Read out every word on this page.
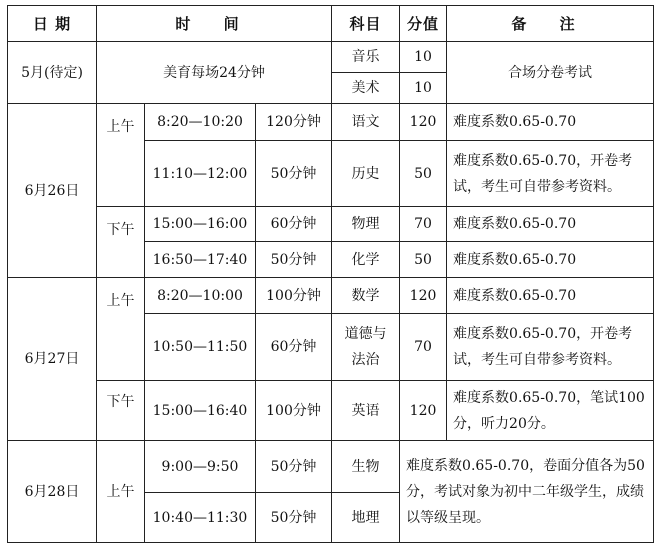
日 期	时 间			科目	分值	备 注
5月(待定)	美育每场24分钟			音乐	10	合场分卷考试
				美术	10	
6月26日	上午	8:20—10:20	120分钟	语文	120	难度系数0.65-0.70
		11:10—12:00	50分钟	历史	50	难度系数0.65-0.70，开卷考试，考生可自带参考资料。
	下午	15:00—16:00	60分钟	物理	70	难度系数0.65-0.70
		16:50—17:40	50分钟	化学	50	难度系数0.65-0.70
6月27日	上午	8:20—10:00	100分钟	数学	120	难度系数0.65-0.70
		10:50—11:50	60分钟	道德与法治	70	难度系数0.65-0.70，开卷考试，考生可自带参考资料。
	下午	15:00—16:40	100分钟	英语	120	难度系数0.65-0.70，笔试100分，听力20分。
6月28日	上午	9:00—9:50	50分钟	生物	难度系数0.65-0.70，卷面分值各为50分，考试对象为初中二年级学生，成绩以等级呈现。	
		10:40—11:30	50分钟	地理		
